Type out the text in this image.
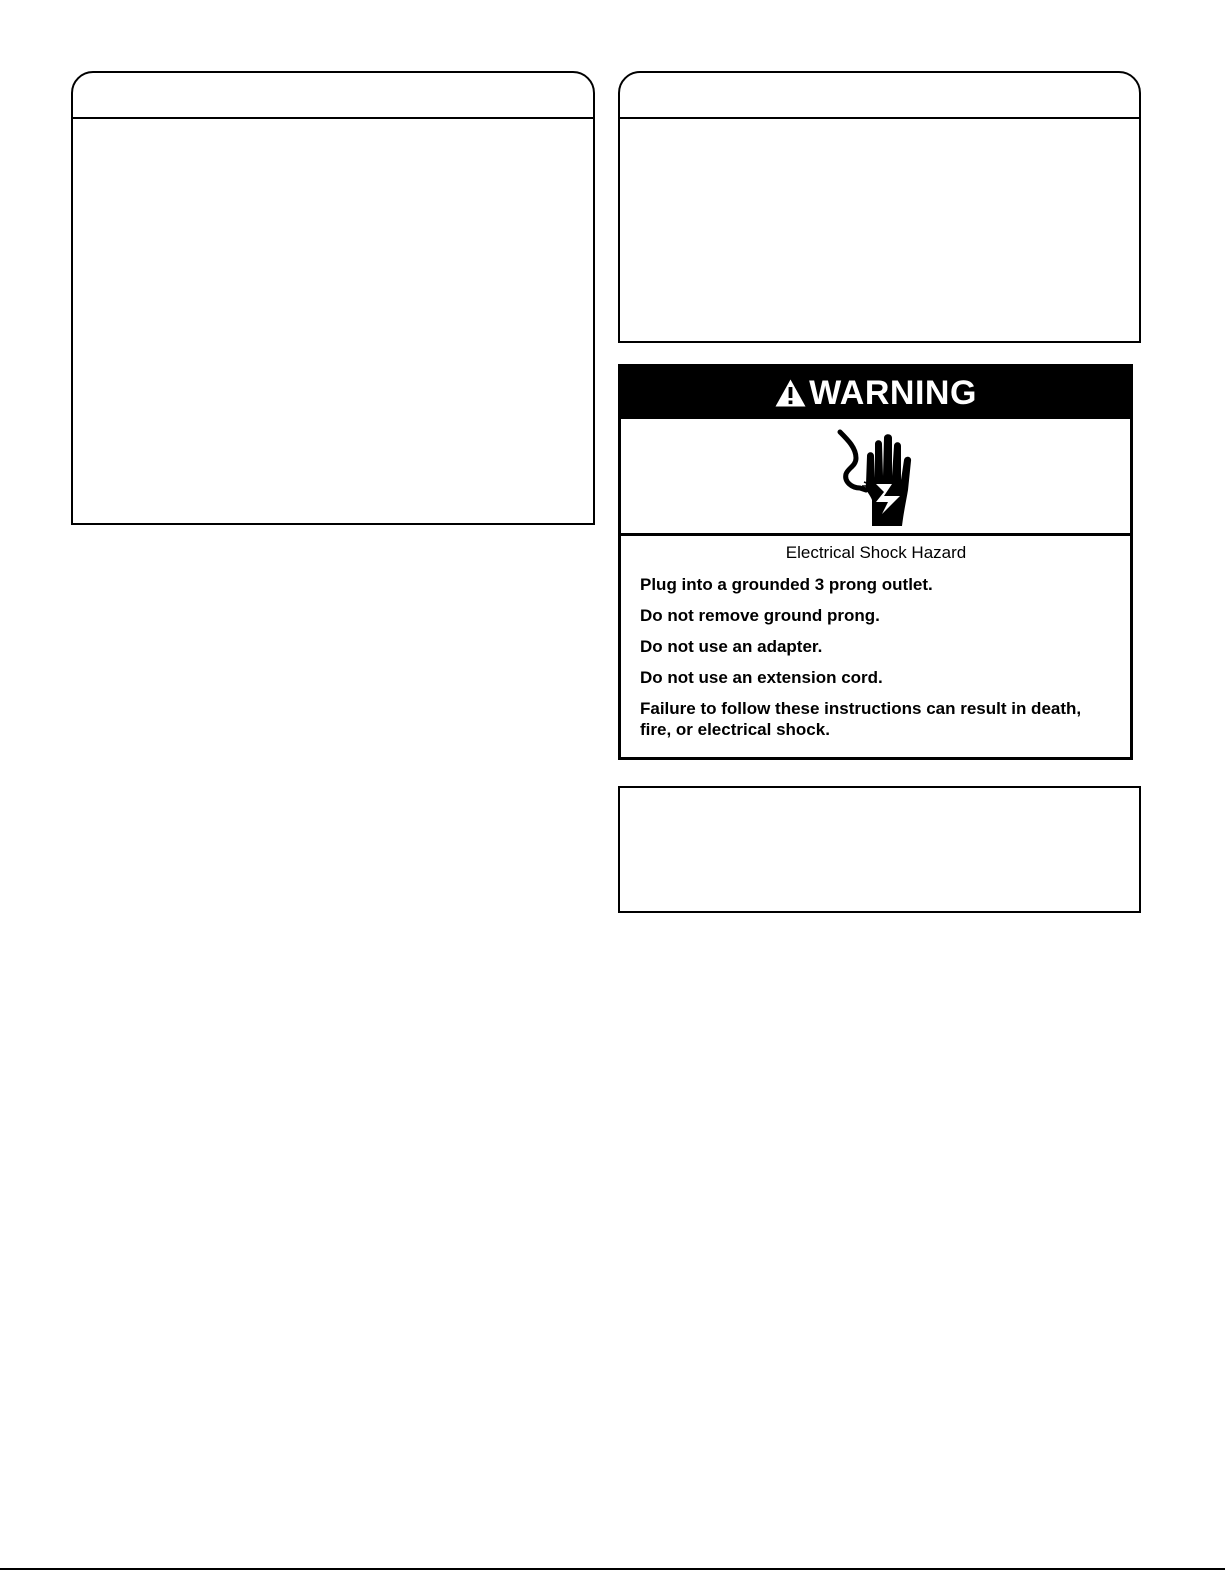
WARNING
Electrical Shock Hazard

Plug into a grounded 3 prong outlet.

Do not remove ground prong.

Do not use an adapter.

Do not use an extension cord.

Failure to follow these instructions can result in death, fire, or electrical shock.
